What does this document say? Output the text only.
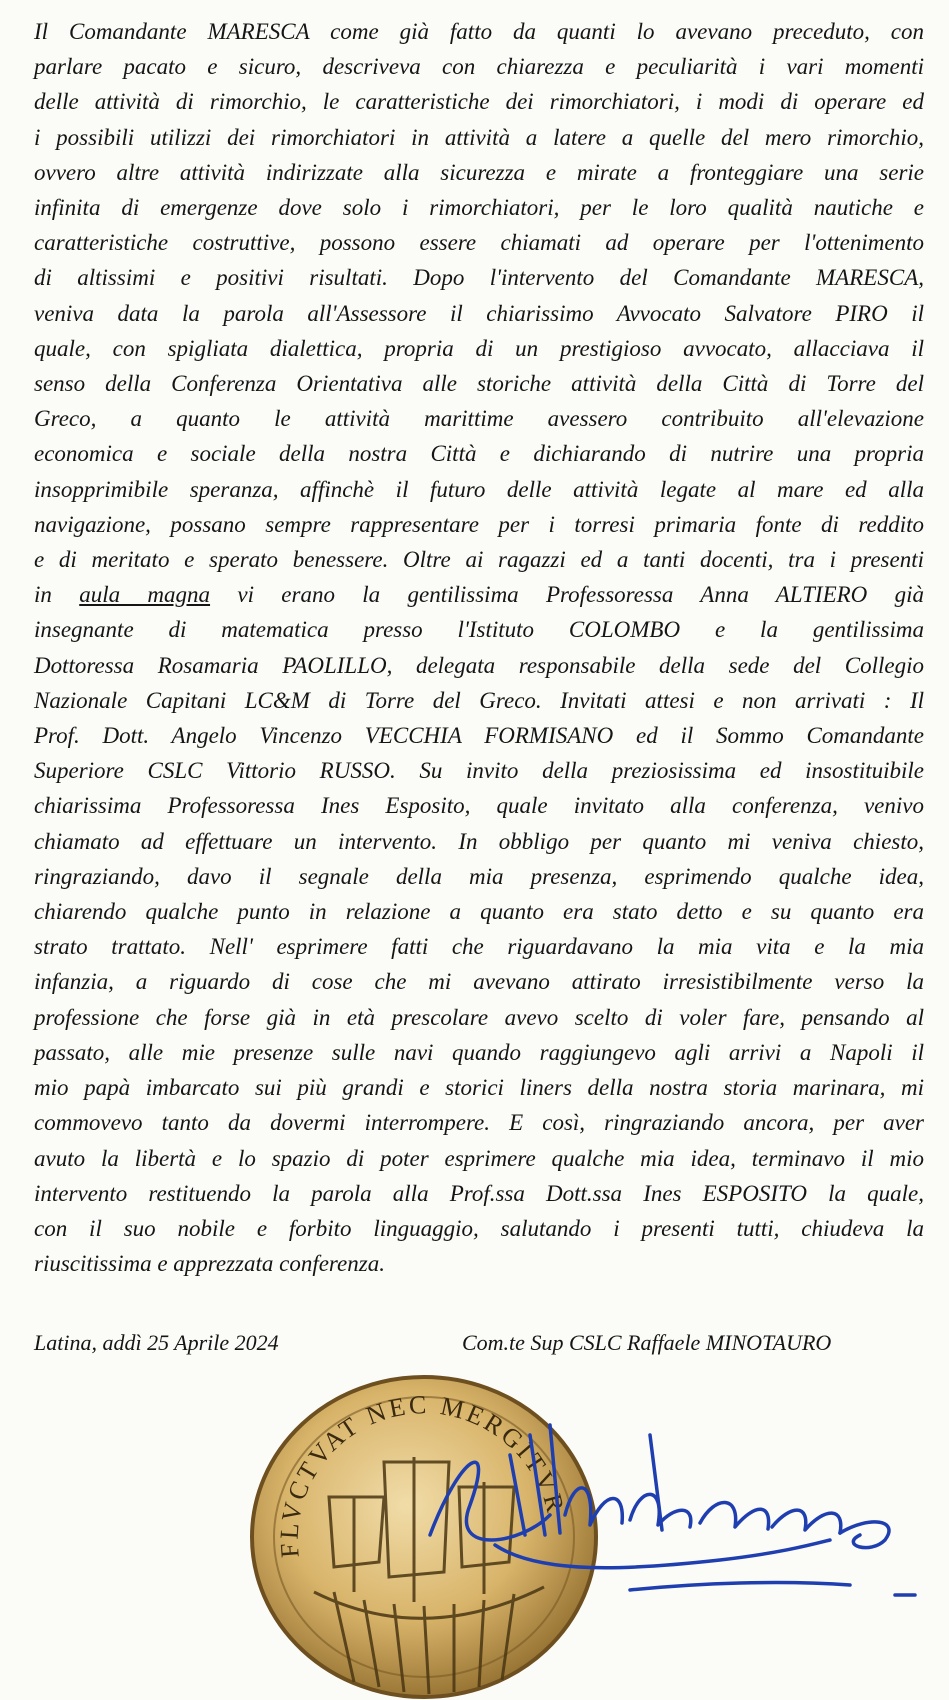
Il Comandante MARESCA come già fatto da quanti lo avevano preceduto, con
parlare pacato e sicuro, descriveva con chiarezza e peculiarità i vari momenti
delle attività di rimorchio, le caratteristiche dei rimorchiatori, i modi di operare ed
i possibili utilizzi dei rimorchiatori in attività a latere a quelle del mero rimorchio,
ovvero altre attività indirizzate alla sicurezza e mirate a fronteggiare una serie
infinita di emergenze dove solo i rimorchiatori, per le loro qualità nautiche e
caratteristiche costruttive, possono essere chiamati ad operare per l'ottenimento
di altissimi e positivi risultati. Dopo l'intervento del Comandante MARESCA,
veniva data la parola all'Assessore il chiarissimo Avvocato Salvatore PIRO il
quale, con spigliata dialettica, propria di un prestigioso avvocato, allacciava il
senso della Conferenza Orientativa alle storiche attività della Città di Torre del
Greco, a quanto le attività marittime avessero contribuito all'elevazione
economica e sociale della nostra Città e dichiarando di nutrire una propria
insopprimibile speranza, affinchè il futuro delle attività legate al mare ed alla
navigazione, possano sempre rappresentare per i torresi primaria fonte di reddito
e di meritato e sperato benessere. Oltre ai ragazzi ed a tanti docenti, tra i presenti
in aula magna vi erano la gentilissima Professoressa Anna ALTIERO già
insegnante di matematica presso l'Istituto COLOMBO e la gentilissima
Dottoressa Rosamaria PAOLILLO, delegata responsabile della sede del Collegio
Nazionale Capitani LC&M di Torre del Greco. Invitati attesi e non arrivati : Il
Prof. Dott. Angelo Vincenzo VECCHIA FORMISANO ed il Sommo Comandante
Superiore CSLC Vittorio RUSSO. Su invito della preziosissima ed insostituibile
chiarissima Professoressa Ines Esposito, quale invitato alla conferenza, venivo
chiamato ad effettuare un intervento. In obbligo per quanto mi veniva chiesto,
ringraziando, davo il segnale della mia presenza, esprimendo qualche idea,
chiarendo qualche punto in relazione a quanto era stato detto e su quanto era
strato trattato. Nell' esprimere fatti che riguardavano la mia vita e la mia
infanzia, a riguardo di cose che mi avevano attirato irresistibilmente verso la
professione che forse già in età prescolare avevo scelto di voler fare, pensando al
passato, alle mie presenze sulle navi quando raggiungevo agli arrivi a Napoli il
mio papà imbarcato sui più grandi e storici liners della nostra storia marinara, mi
commovevo tanto da dovermi interrompere. E così, ringraziando ancora, per aver
avuto la libertà e lo spazio di poter esprimere qualche mia idea, terminavo il mio
intervento restituendo la parola alla Prof.ssa Dott.ssa Ines ESPOSITO la quale,
con il suo nobile e forbito linguaggio, salutando i presenti tutti, chiudeva la
riuscitissima e apprezzata conferenza.
Latina, addì 25 Aprile 2024	Com.te Sup CSLC Raffaele MINOTAURO
FLVCTVAT NEC MERGITVR
